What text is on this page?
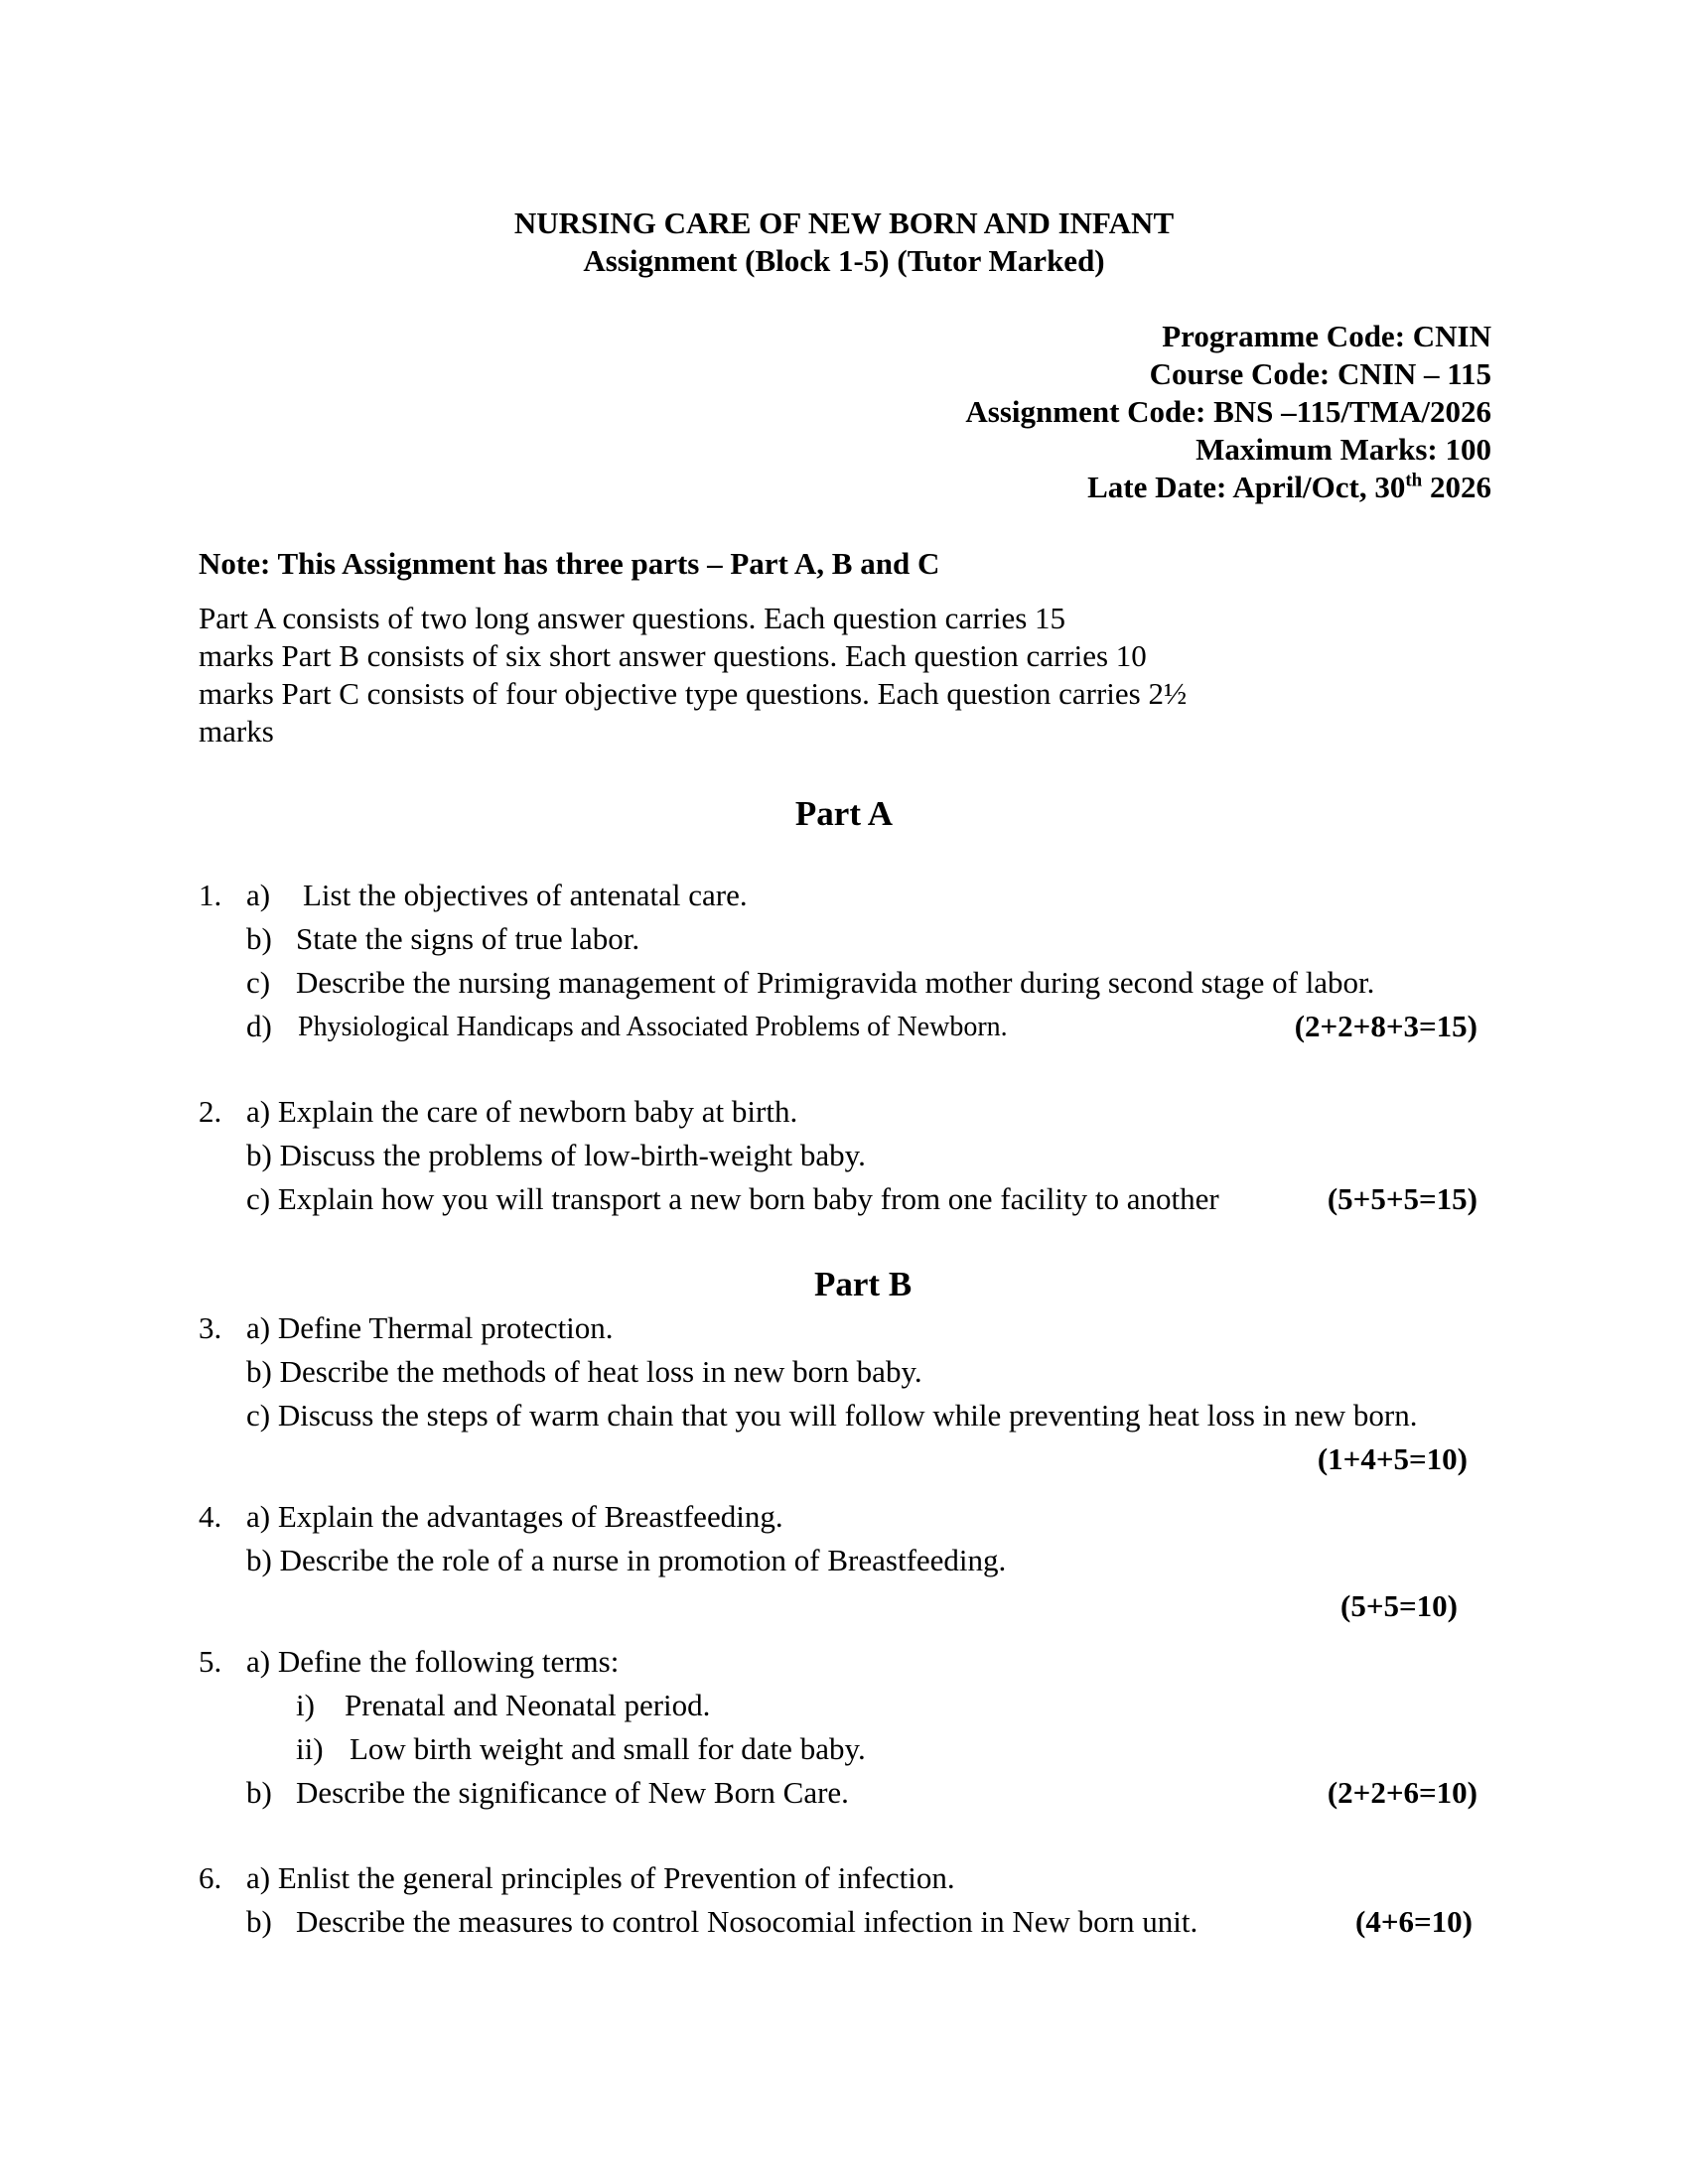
NURSING CARE OF NEW BORN AND INFANT
Assignment (Block 1-5) (Tutor Marked)
Programme Code: CNIN
Course Code: CNIN – 115
Assignment Code: BNS –115/TMA/2026
Maximum Marks: 100
Late Date: April/Oct, 30th 2026
Note: This Assignment has three parts – Part A, B and C
Part A consists of two long answer questions. Each question carries 15
marks Part B consists of six short answer questions. Each question carries 10
marks Part C consists of four objective type questions. Each question carries 2½
marks
Part A
1. a) List the objectives of antenatal care.
b) State the signs of true labor.
c) Describe the nursing management of Primigravida mother during second stage of labor.
d) Physiological Handicaps and Associated Problems of Newborn.	(2+2+8+3=15)
2. a) Explain the care of newborn baby at birth.
b) Discuss the problems of low-birth-weight baby.
c) Explain how you will transport a new born baby from one facility to another	(5+5+5=15)
Part B
3. a) Define Thermal protection.
b) Describe the methods of heat loss in new born baby.
c) Discuss the steps of warm chain that you will follow while preventing heat loss in new born.
(1+4+5=10)
4. a) Explain the advantages of Breastfeeding.
b) Describe the role of a nurse in promotion of Breastfeeding.
(5+5=10)
5. a) Define the following terms:
i) Prenatal and Neonatal period.
ii) Low birth weight and small for date baby.
b) Describe the significance of New Born Care.	(2+2+6=10)
6. a) Enlist the general principles of Prevention of infection.
b) Describe the measures to control Nosocomial infection in New born unit.	(4+6=10)
